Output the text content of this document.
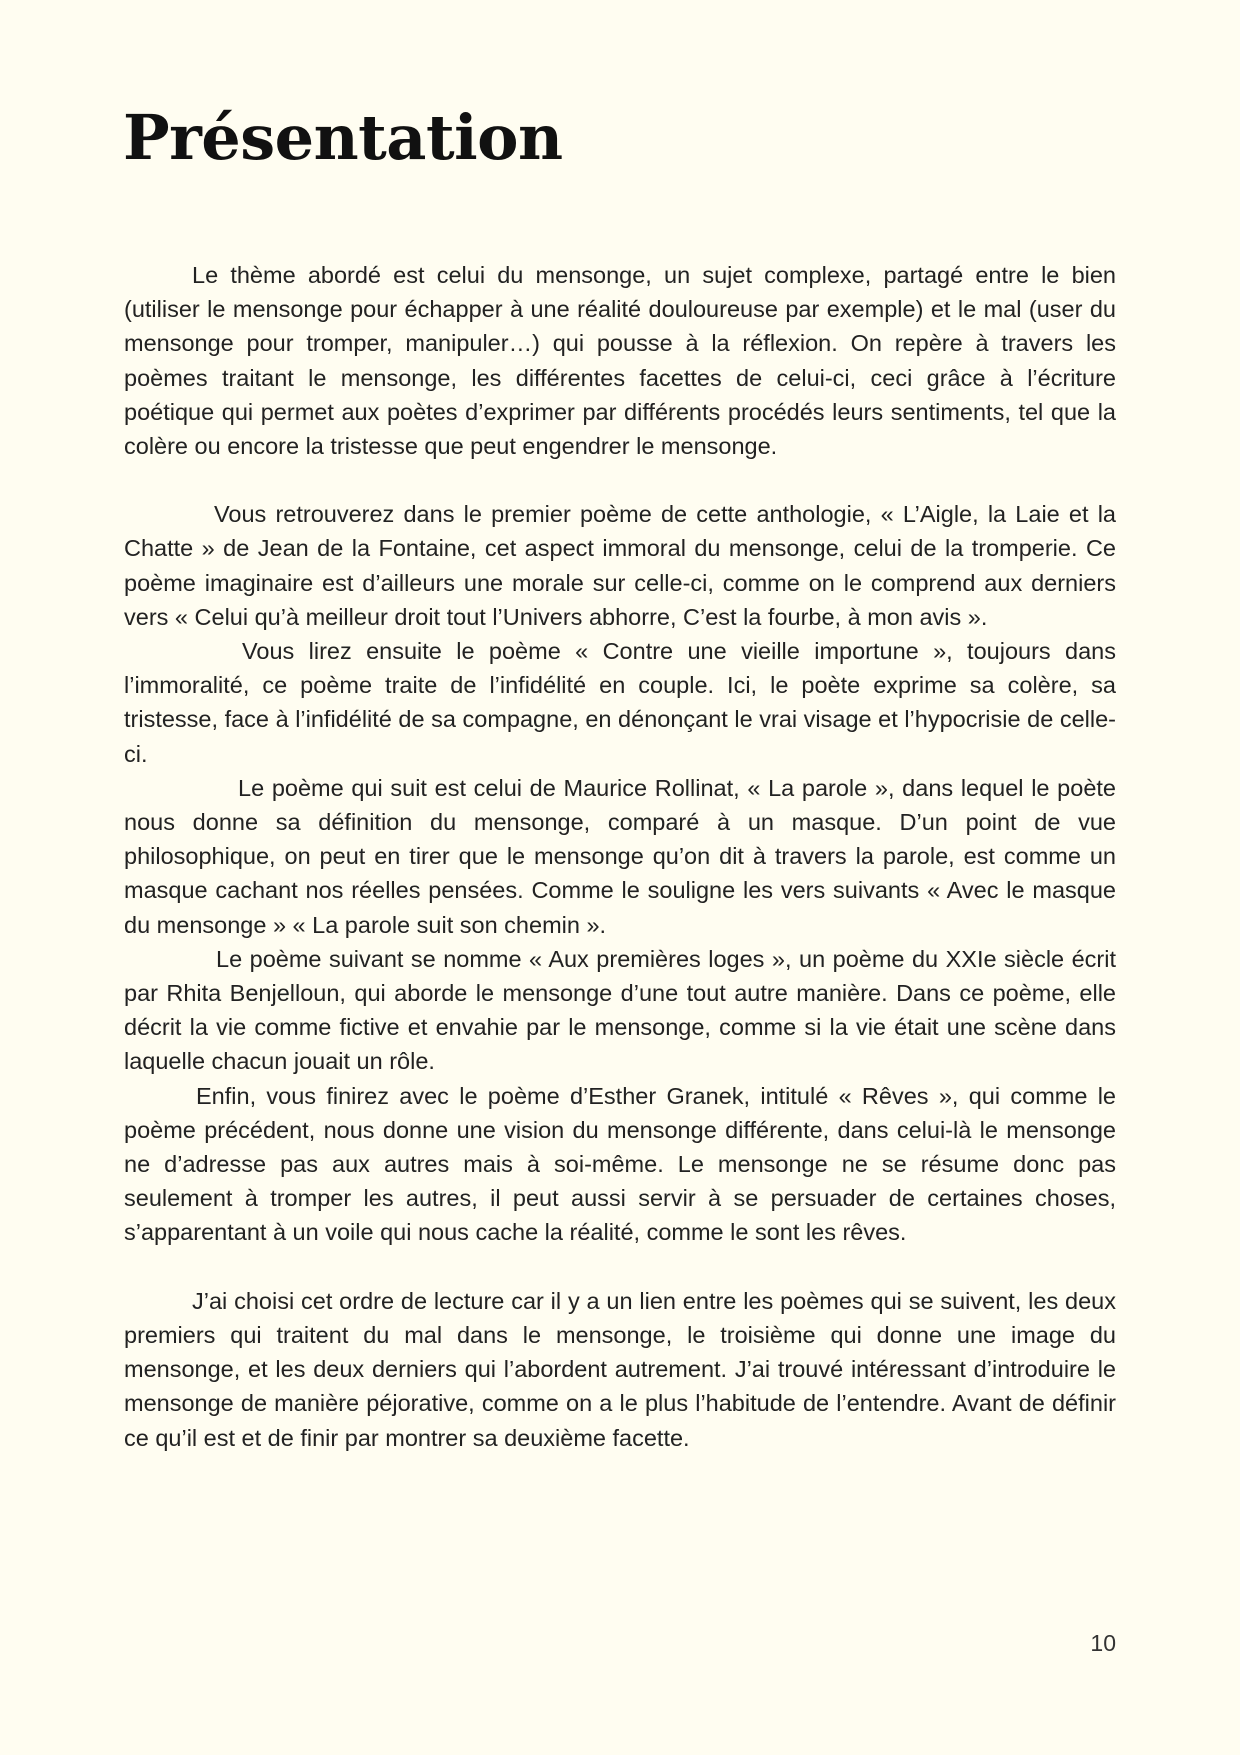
Présentation

Le thème abordé est celui du mensonge, un sujet complexe, partagé entre le bien (utiliser le mensonge pour échapper à une réalité douloureuse par exemple) et le mal (user du mensonge pour tromper, manipuler…) qui pousse à la réflexion. On repère à travers les poèmes traitant le mensonge, les différentes facettes de celui-ci, ceci grâce à l’écriture poétique qui permet aux poètes d’exprimer par différents procédés leurs sentiments, tel que la colère ou encore la tristesse que peut engendrer le mensonge.

Vous retrouverez dans le premier poème de cette anthologie, « L’Aigle, la Laie et la Chatte » de Jean de la Fontaine, cet aspect immoral du mensonge, celui de la tromperie. Ce poème imaginaire est d’ailleurs une morale sur celle-ci, comme on le comprend aux derniers vers « Celui qu’à meilleur droit tout l’Univers abhorre, C’est la fourbe, à mon avis ».

Vous lirez ensuite le poème « Contre une vieille importune », toujours dans l’immoralité, ce poème traite de l’infidélité en couple. Ici, le poète exprime sa colère, sa tristesse, face à l’infidélité de sa compagne, en dénonçant le vrai visage et l’hypocrisie de celle-ci.

Le poème qui suit est celui de Maurice Rollinat, « La parole », dans lequel le poète nous donne sa définition du mensonge, comparé à un masque. D’un point de vue philosophique, on peut en tirer que le mensonge qu’on dit à travers la parole, est comme un masque cachant nos réelles pensées. Comme le souligne les vers suivants « Avec le masque du mensonge » « La parole suit son chemin ».

Le poème suivant se nomme « Aux premières loges », un poème du XXIe siècle écrit par Rhita Benjelloun, qui aborde le mensonge d’une tout autre manière. Dans ce poème, elle décrit la vie comme fictive et envahie par le mensonge, comme si la vie était une scène dans laquelle chacun jouait un rôle.

Enfin, vous finirez avec le poème d’Esther Granek, intitulé « Rêves », qui comme le poème précédent, nous donne une vision du mensonge différente, dans celui-là le mensonge ne d’adresse pas aux autres mais à soi-même. Le mensonge ne se résume donc pas seulement à tromper les autres, il peut aussi servir à se persuader de certaines choses, s’apparentant à un voile qui nous cache la réalité, comme le sont les rêves.

J’ai choisi cet ordre de lecture car il y a un lien entre les poèmes qui se suivent, les deux premiers qui traitent du mal dans le mensonge, le troisième qui donne une image du mensonge, et les deux derniers qui l’abordent autrement. J’ai trouvé intéressant d’introduire le mensonge de manière péjorative, comme on a le plus l’habitude de l’entendre. Avant de définir ce qu’il est et de finir par montrer sa deuxième facette.

10
